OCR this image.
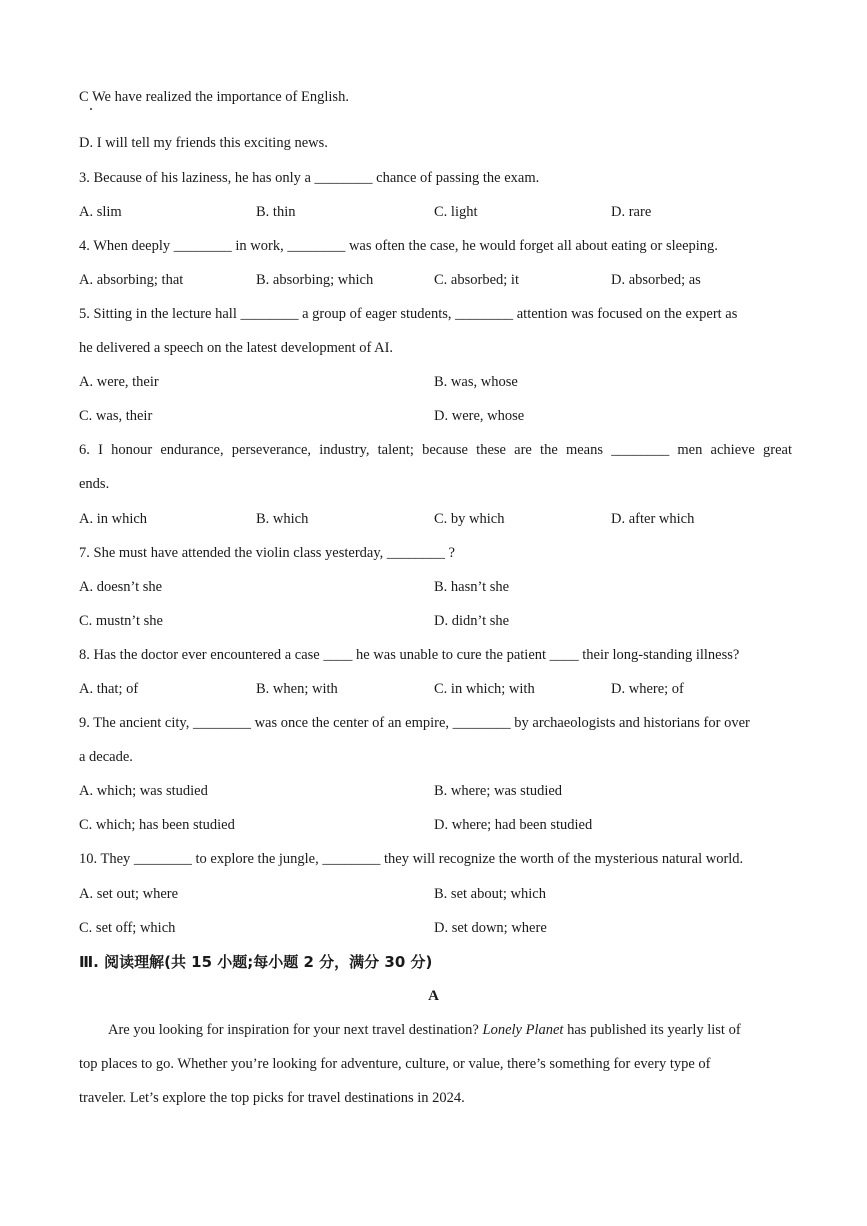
C We have realized the importance of English.
D. I will tell my friends this exciting news.
3. Because of his laziness, he has only a ________ chance of passing the exam.
A. slim	B. thin	C. light	D. rare
4. When deeply ________ in work, ________ was often the case, he would forget all about eating or sleeping.
A. absorbing; that	B. absorbing; which	C. absorbed; it	D. absorbed; as
5. Sitting in the lecture hall ________ a group of eager students, ________ attention was focused on the expert as
he delivered a speech on the latest development of AI.
A. were, their	B. was, whose
C. was, their	D. were, whose
6. I honour endurance, perseverance, industry, talent; because these are the means ________ men achieve great
ends.
A. in which	B. which	C. by which	D. after which
7. She must have attended the violin class yesterday, ________ ?
A. doesn’t she	B. hasn’t she
C. mustn’t she	D. didn’t she
8. Has the doctor ever encountered a case ____ he was unable to cure the patient ____ their long-standing illness?
A. that; of	B. when; with	C. in which; with	D. where; of
9. The ancient city, ________ was once the center of an empire, ________ by archaeologists and historians for over
a decade.
A. which; was studied	B. where; was studied
C. which; has been studied	D. where; had been studied
10. They ________ to explore the jungle, ________ they will recognize the worth of the mysterious natural world.
A. set out; where	B. set about; which
C. set off; which	D. set down; where
Ⅲ. 阅读理解(共 15 小题;每小题 2 分，满分 30 分)
A
Are you looking for inspiration for your next travel destination? Lonely Planet has published its yearly list of
top places to go. Whether you’re looking for adventure, culture, or value, there’s something for every type of
traveler. Let’s explore the top picks for travel destinations in 2024.
